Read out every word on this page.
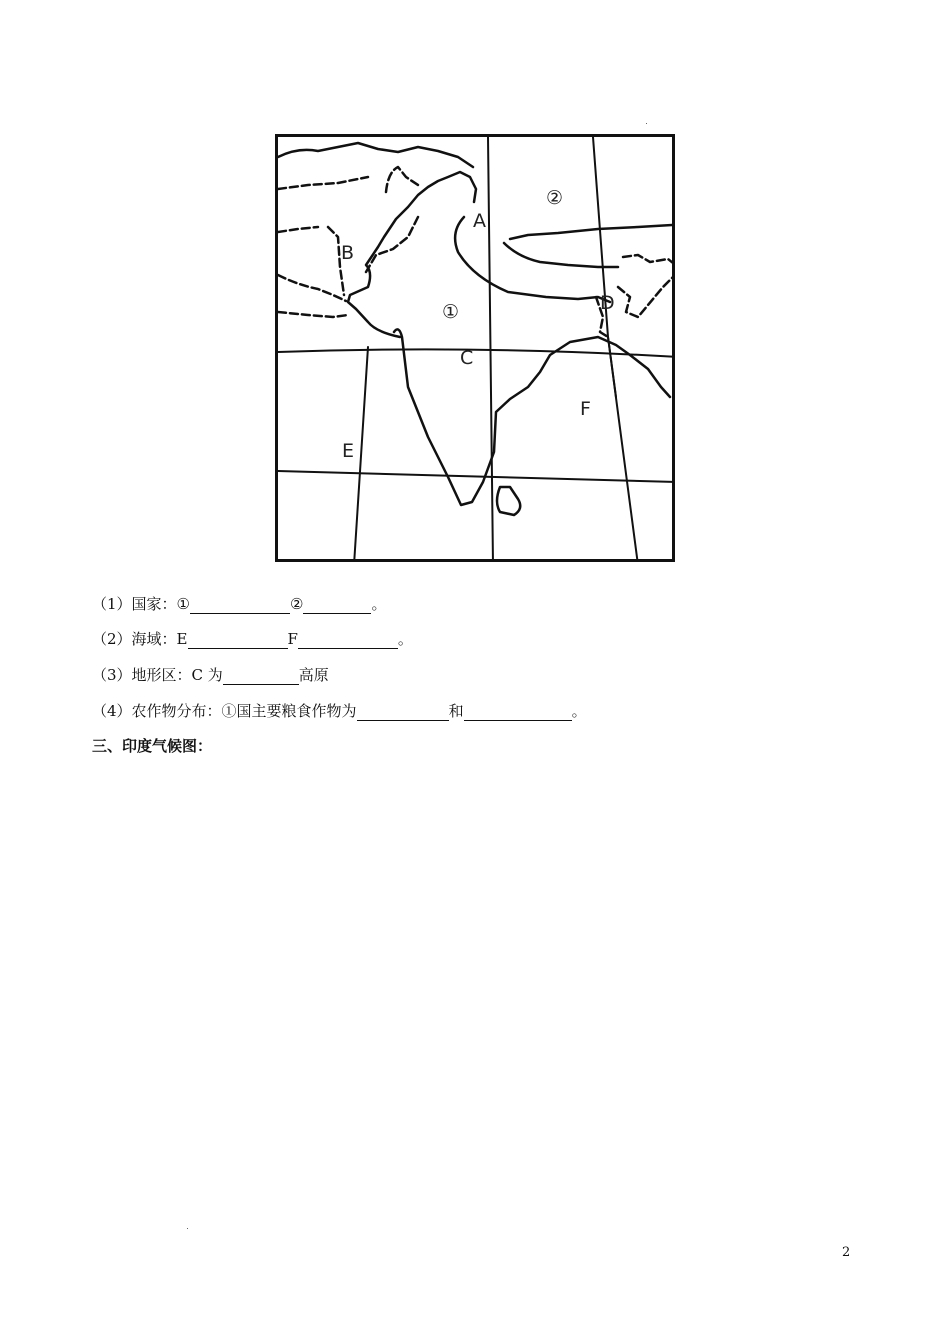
A
B
C
D
E
F
①
②
（1）国家：①	②	。
（2）海域：E	F	。
（3）地形区：C 为	高原
（4）农作物分布：①国主要粮食作物为	和	。
三、印度气候图：
2
